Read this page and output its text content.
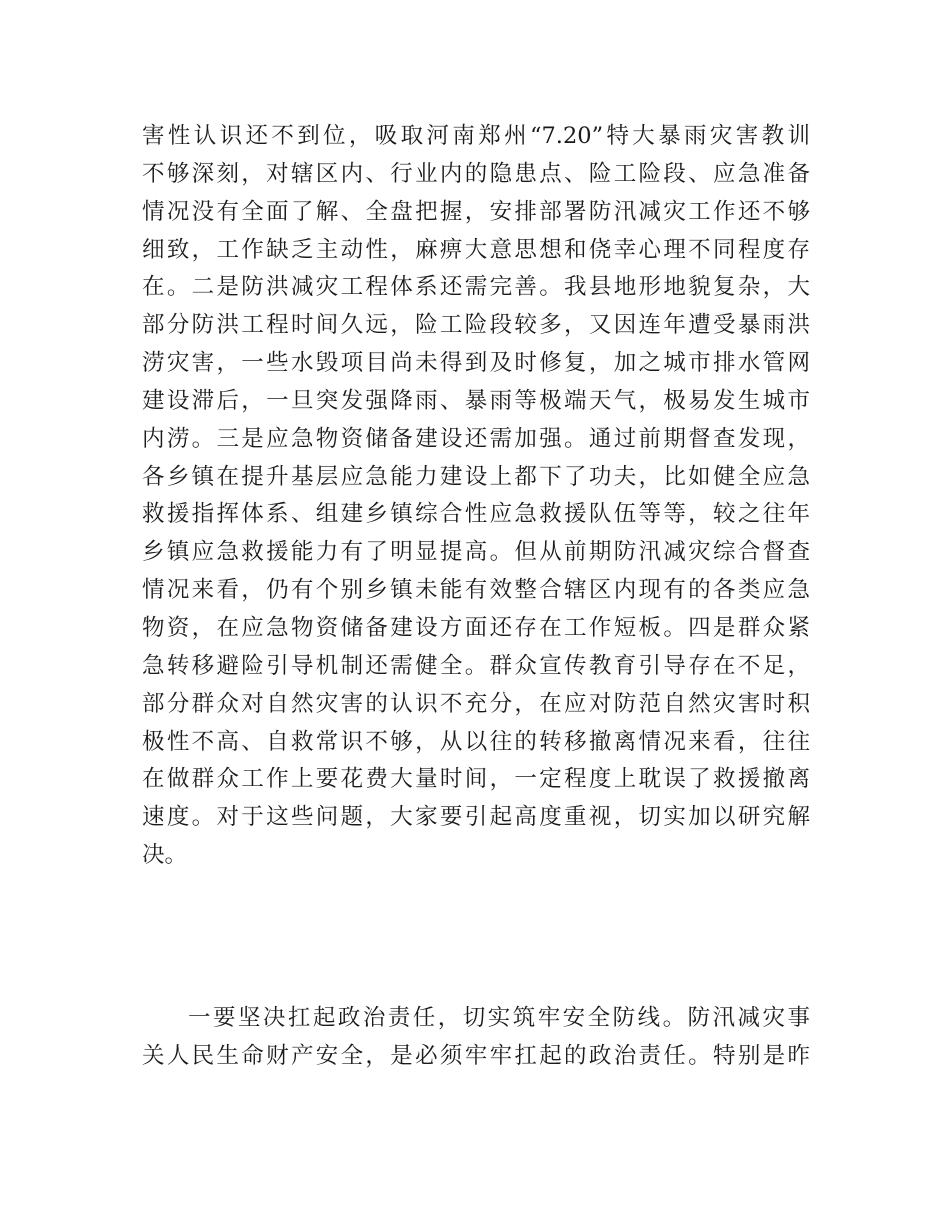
害性认识还不到位，吸取河南郑州“7.20”特大暴雨灾害教训
不够深刻，对辖区内、行业内的隐患点、险工险段、应急准备
情况没有全面了解、全盘把握，安排部署防汛减灾工作还不够
细致，工作缺乏主动性，麻痹大意思想和侥幸心理不同程度存
在。二是防洪减灾工程体系还需完善。我县地形地貌复杂，大
部分防洪工程时间久远，险工险段较多，又因连年遭受暴雨洪
涝灾害，一些水毁项目尚未得到及时修复，加之城市排水管网
建设滞后，一旦突发强降雨、暴雨等极端天气，极易发生城市
内涝。三是应急物资储备建设还需加强。通过前期督查发现，
各乡镇在提升基层应急能力建设上都下了功夫，比如健全应急
救援指挥体系、组建乡镇综合性应急救援队伍等等，较之往年
乡镇应急救援能力有了明显提高。但从前期防汛减灾综合督查
情况来看，仍有个别乡镇未能有效整合辖区内现有的各类应急
物资，在应急物资储备建设方面还存在工作短板。四是群众紧
急转移避险引导机制还需健全。群众宣传教育引导存在不足，
部分群众对自然灾害的认识不充分，在应对防范自然灾害时积
极性不高、自救常识不够，从以往的转移撤离情况来看，往往
在做群众工作上要花费大量时间，一定程度上耽误了救援撤离
速度。对于这些问题，大家要引起高度重视，切实加以研究解
决。
一要坚决扛起政治责任，切实筑牢安全防线。防汛减灾事
关人民生命财产安全，是必须牢牢扛起的政治责任。特别是昨
